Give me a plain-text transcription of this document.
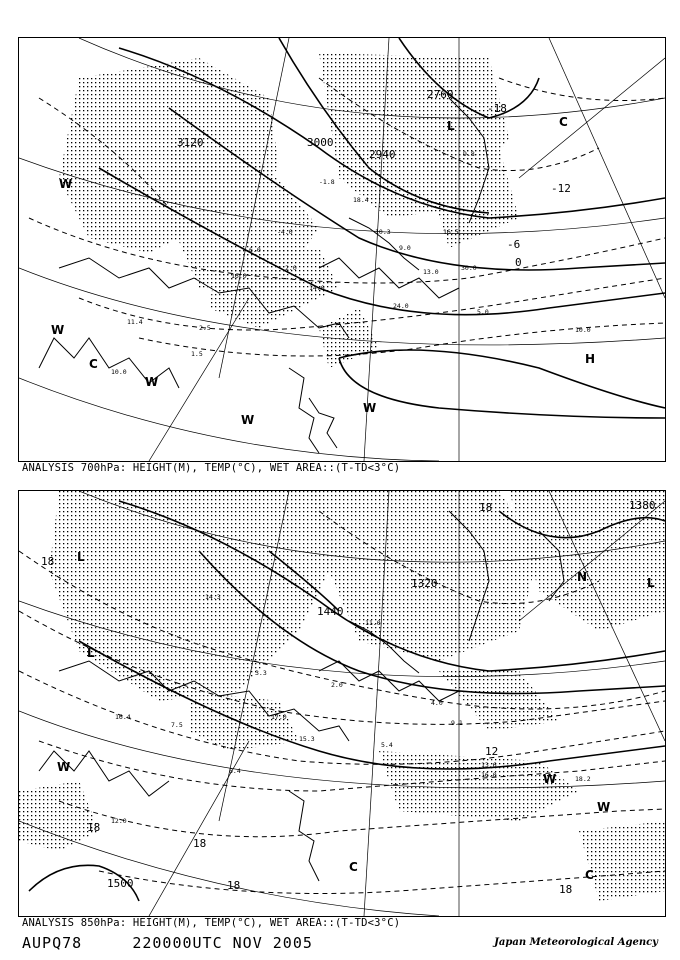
3120	3000
2940
2760
-18
-12
-6
0
L	C
H
W
W
W
W
W
C
11.4
10.0
2.5
1.5
16.0
6.0
-4.0
2.0
14.0
-1.8
18.4
10.3
9.0
13.0
16.5
30.0
9.8
5.0
24.0
10.0
ANALYSIS 700hPa: HEIGHT(M), TEMP(°C), WET AREA::(T-TD<3°C)
1380
1500
1440
1320
18
18
12
18
18
18
18
L
L
W
W
C
C
W
N	L
14.3
16.4
7.5
3.3
17.0
15.3
2.0
13.6
16.0
5.4
18.2
12.0
4.0
9.1
11.0
6.4
ANALYSIS 850hPa: HEIGHT(M), TEMP(°C), WET AREA::(T-TD<3°C)
AUPQ78	220000UTC NOV 2005	Japan Meteorological Agency
